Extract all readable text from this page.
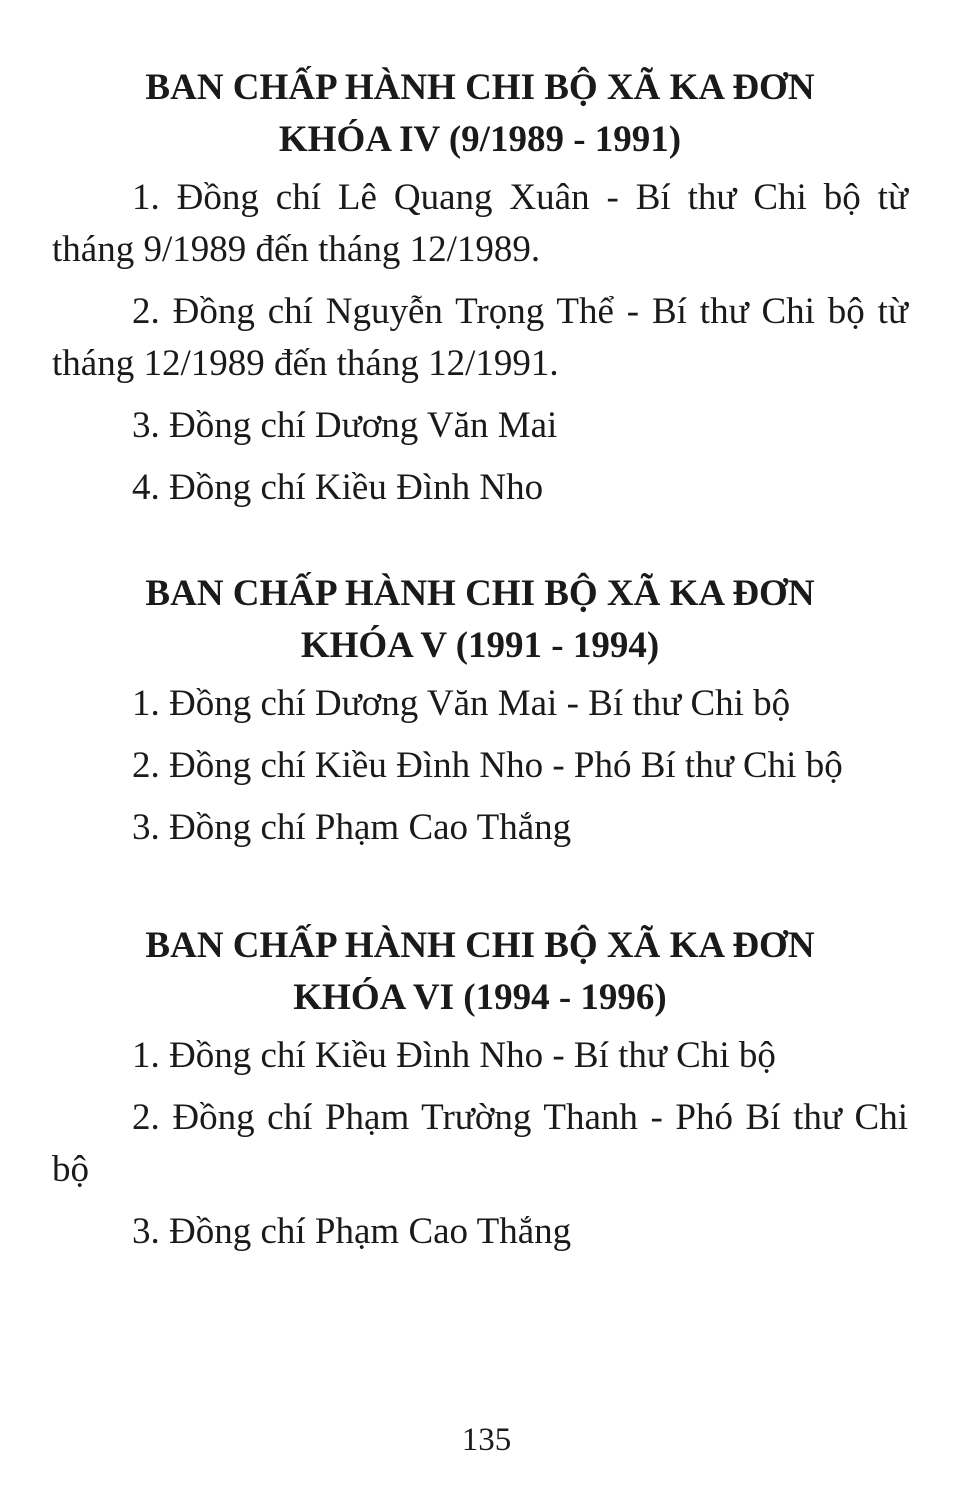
BAN CHẤP HÀNH CHI BỘ XÃ KA ĐƠN
KHÓA IV (9/1989 - 1991)

1. Đồng chí Lê Quang Xuân - Bí thư Chi bộ từ tháng 9/1989 đến tháng 12/1989.

2. Đồng chí Nguyễn Trọng Thể - Bí thư Chi bộ từ tháng 12/1989 đến tháng 12/1991.

3. Đồng chí Dương Văn Mai

4. Đồng chí Kiều Đình Nho

BAN CHẤP HÀNH CHI BỘ XÃ KA ĐƠN
KHÓA V (1991 - 1994)

1. Đồng chí Dương Văn Mai - Bí thư Chi bộ

2. Đồng chí Kiều Đình Nho - Phó Bí thư Chi bộ

3. Đồng chí Phạm Cao Thắng

BAN CHẤP HÀNH CHI BỘ XÃ KA ĐƠN
KHÓA VI (1994 - 1996)

1. Đồng chí Kiều Đình Nho - Bí thư Chi bộ

2. Đồng chí Phạm Trường Thanh - Phó Bí thư Chi bộ

3. Đồng chí Phạm Cao Thắng

135
